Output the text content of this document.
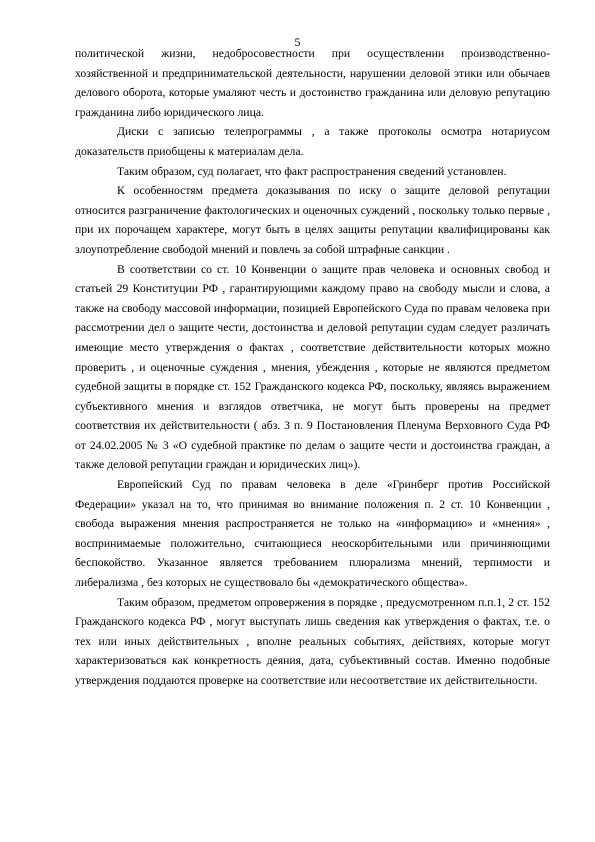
5

политической жизни, недобросовестности при осуществлении производственно-хозяйственной и предпринимательской деятельности, нарушении деловой этики или обычаев делового оборота, которые умаляют честь и достоинство гражданина или деловую репутацию гражданина либо юридического лица.

Диски с записью телепрограммы , а также протоколы осмотра нотариусом доказательств приобщены к материалам дела.

Таким образом, суд полагает, что факт распространения сведений установлен.

К особенностям предмета доказывания по иску о защите деловой репутации относится разграничение фактологических и оценочных суждений , поскольку только первые , при их порочащем характере, могут быть в целях защиты репутации квалифицированы как злоупотребление свободой мнений и повлечь за собой штрафные санкции .

В соответствии со ст. 10 Конвенции о защите прав человека и основных свобод и статьей 29 Конституции РФ , гарантирующими каждому право на свободу мысли и слова, а также на свободу массовой информации, позицией Европейского Суда по правам человека при рассмотрении дел о защите чести, достоинства и деловой репутации судам следует различать имеющие место утверждения о фактах , соответствие действительности которых можно проверить , и оценочные суждения , мнения, убеждения , которые не являются предметом судебной защиты в порядке ст. 152 Гражданского кодекса РФ, поскольку, являясь выражением субъективного мнения и взглядов ответчика, не могут быть проверены на предмет соответствия их действительности ( абз. 3 п. 9 Постановления Пленума Верховного Суда РФ от 24.02.2005 № 3 «О судебной практике по делам о защите чести и достоинства граждан, а также деловой репутации граждан и юридических лиц»).

Европейский Суд по правам человека в деле «Гринберг против Российской Федерации» указал на то, что принимая во внимание положения п. 2 ст. 10 Конвенции , свобода выражения мнения распространяется не только на «информацию» и «мнения» , воспринимаемые положительно, считающиеся неоскорбительными или причиняющими беспокойство. Указанное является требованием плюрализма мнений, терпимости и либерализма , без которых не существовало бы «демократического общества».

Таким образом, предметом опровержения в порядке , предусмотренном п.п.1, 2 ст. 152 Гражданского кодекса РФ , могут выступать лишь сведения как утверждения о фактах, т.е. о тех или иных действительных , вполне реальных событиях, действиях, которые могут характеризоваться как конкретность деяния, дата, субъективный состав. Именно подобные утверждения поддаются проверке на соответствие или несоответствие их действительности.
